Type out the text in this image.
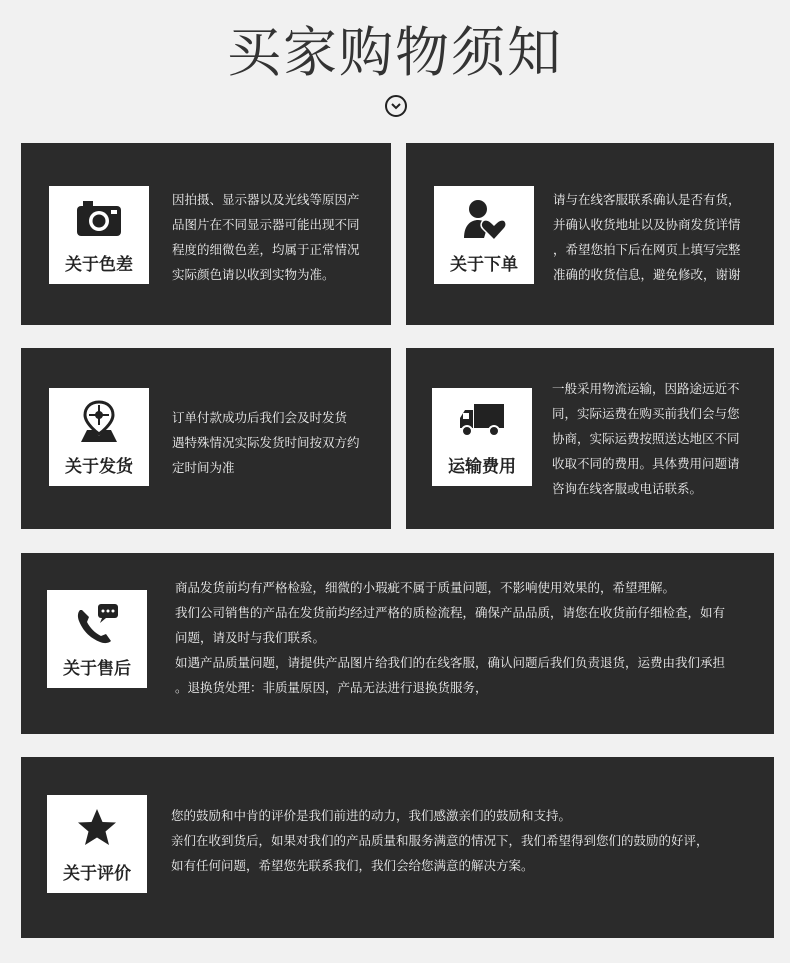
买家购物须知
关于色差
因拍摄、显示器以及光线等原因产
品图片在不同显示器可能出现不同
程度的细微色差，均属于正常情况
实际颜色请以收到实物为准。	关于下单
请与在线客服联系确认是否有货，
并确认收货地址以及协商发货详情
，希望您拍下后在网页上填写完整
准确的收货信息，避免修改，谢谢
关于发货
订单付款成功后我们会及时发货
遇特殊情况实际发货时间按双方约
定时间为准	运输费用
一般采用物流运输，因路途远近不
同，实际运费在购买前我们会与您
协商，实际运费按照送达地区不同
收取不同的费用。具体费用问题请
咨询在线客服或电话联系。
关于售后
商品发货前均有严格检验，细微的小瑕疵不属于质量问题，不影响使用效果的，希望理解。
我们公司销售的产品在发货前均经过严格的质检流程，确保产品品质，请您在收货前仔细检查，如有
问题，请及时与我们联系。
如遇产品质量问题，请提供产品图片给我们的在线客服，确认问题后我们负责退货，运费由我们承担
。退换货处理：非质量原因，产品无法进行退换货服务，
关于评价
您的鼓励和中肯的评价是我们前进的动力，我们感激亲们的鼓励和支持。
亲们在收到货后，如果对我们的产品质量和服务满意的情况下，我们希望得到您们的鼓励的好评，
如有任何问题，希望您先联系我们，我们会给您满意的解决方案。
